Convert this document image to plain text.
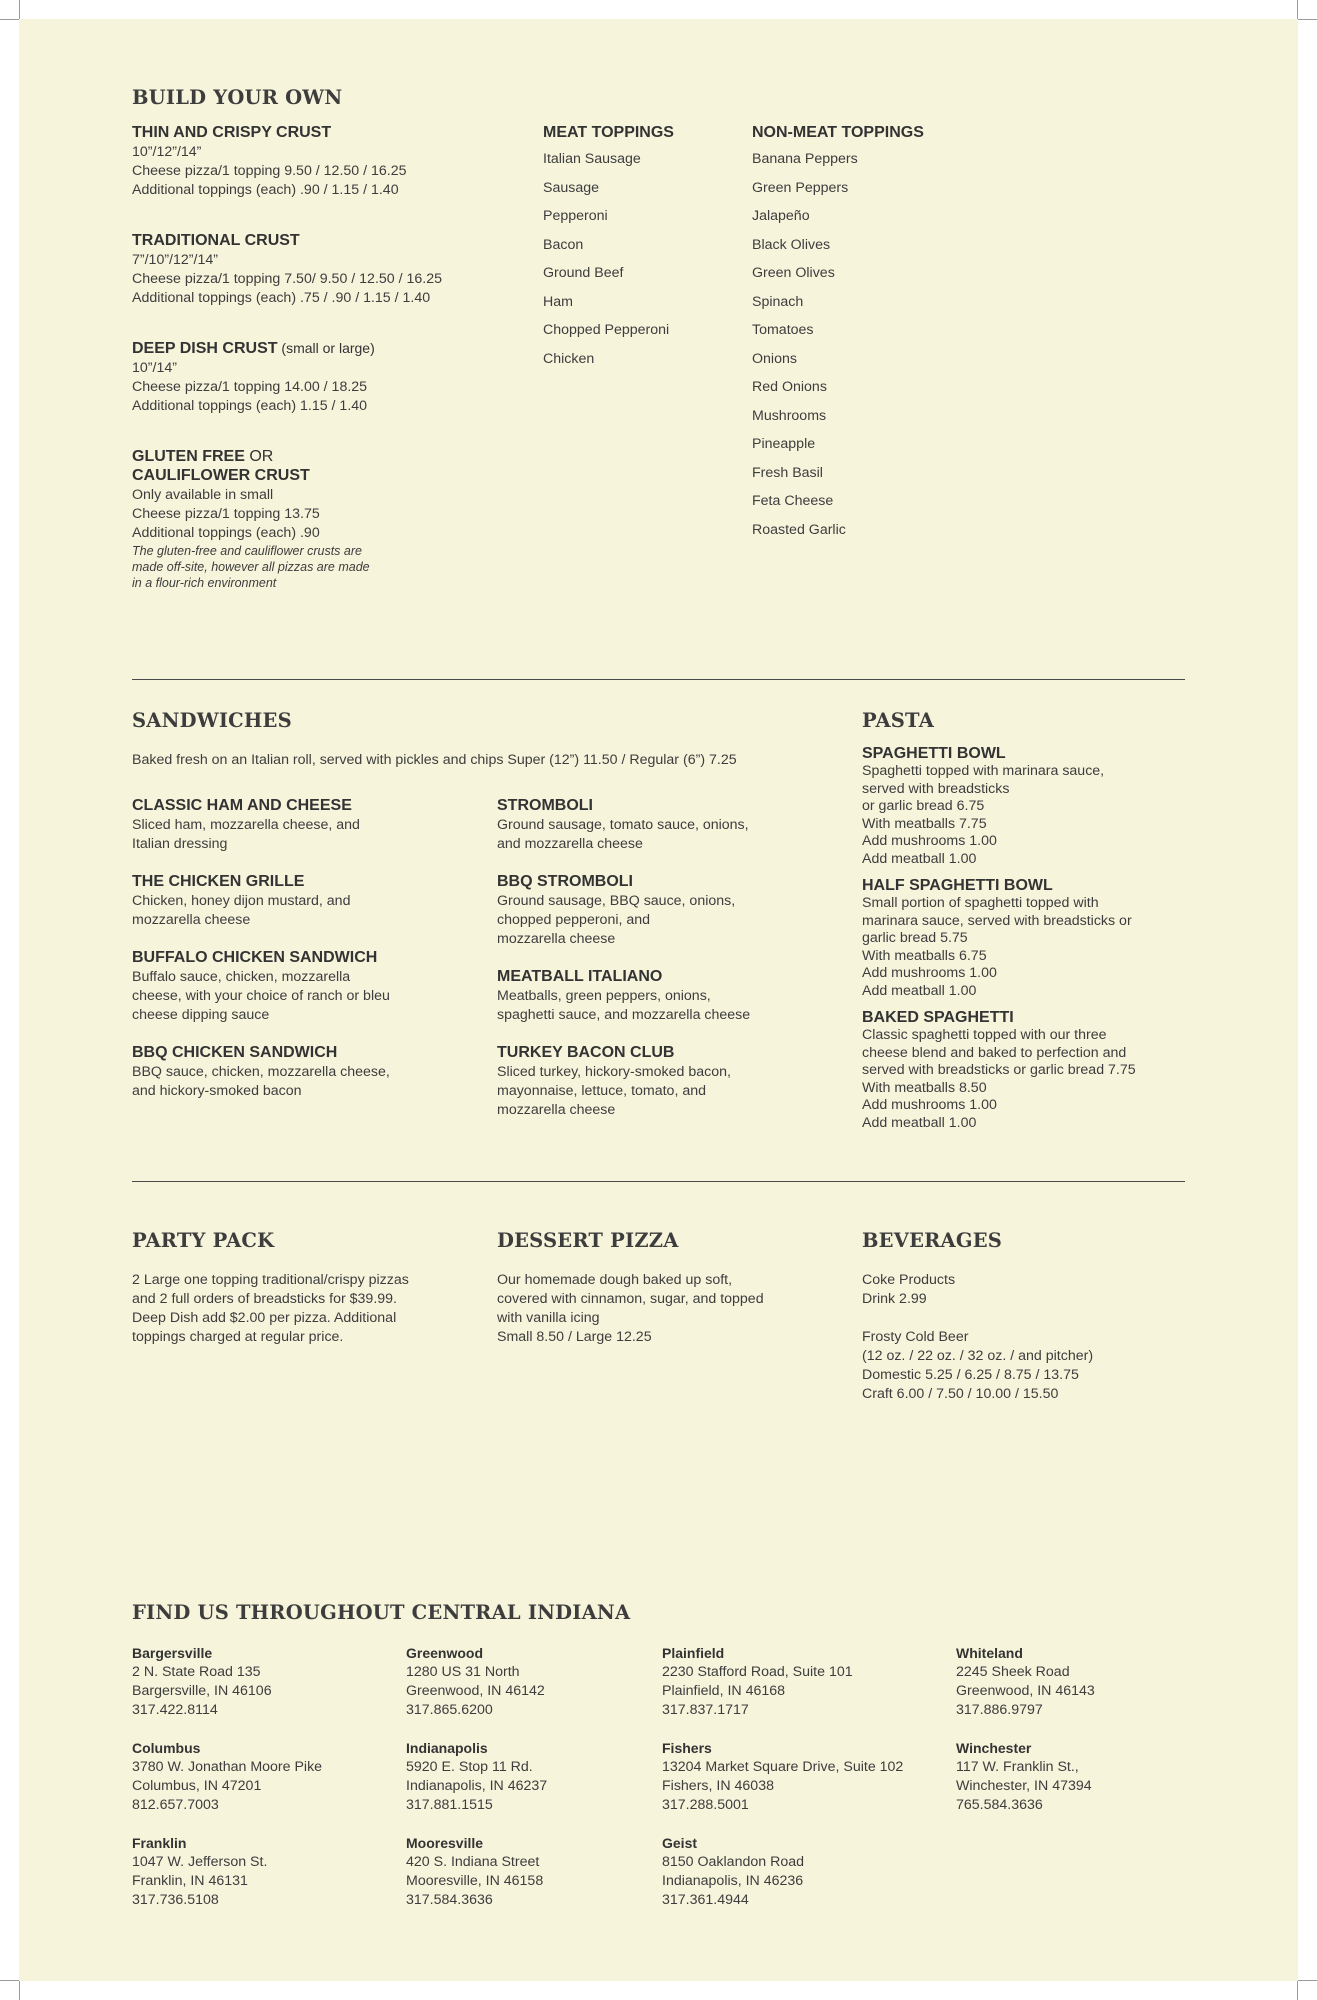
BUILD YOUR OWN
THIN AND CRISPY CRUST
10”/12”/14”
Cheese pizza/1 topping 9.50 / 12.50 / 16.25
Additional toppings (each) .90 / 1.15 / 1.40
TRADITIONAL CRUST
7”/10”/12”/14”
Cheese pizza/1 topping 7.50/ 9.50 / 12.50 / 16.25
Additional toppings (each) .75 / .90 / 1.15 / 1.40
DEEP DISH CRUST (small or large)
10”/14”
Cheese pizza/1 topping 14.00 / 18.25
Additional toppings (each) 1.15 / 1.40
GLUTEN FREE OR
CAULIFLOWER CRUST
Only available in small
Cheese pizza/1 topping 13.75
Additional toppings (each) .90
The gluten-free and cauliflower crusts are
made off-site, however all pizzas are made
in a flour-rich environment
MEAT TOPPINGS
Italian Sausage
Sausage
Pepperoni
Bacon
Ground Beef
Ham
Chopped Pepperoni
Chicken
NON-MEAT TOPPINGS
Banana Peppers
Green Peppers
Jalapeño
Black Olives
Green Olives
Spinach
Tomatoes
Onions
Red Onions
Mushrooms
Pineapple
Fresh Basil
Feta Cheese
Roasted Garlic
SANDWICHES
Baked fresh on an Italian roll, served with pickles and chips Super (12”) 11.50 / Regular (6”) 7.25
CLASSIC HAM AND CHEESE
Sliced ham, mozzarella cheese, and
Italian dressing
THE CHICKEN GRILLE
Chicken, honey dijon mustard, and
mozzarella cheese
BUFFALO CHICKEN SANDWICH
Buffalo sauce, chicken, mozzarella
cheese, with your choice of ranch or bleu
cheese dipping sauce
BBQ CHICKEN SANDWICH
BBQ sauce, chicken, mozzarella cheese,
and hickory-smoked bacon
STROMBOLI
Ground sausage, tomato sauce, onions,
and mozzarella cheese
BBQ STROMBOLI
Ground sausage, BBQ sauce, onions,
chopped pepperoni, and
mozzarella cheese
MEATBALL ITALIANO
Meatballs, green peppers, onions,
spaghetti sauce, and mozzarella cheese
TURKEY BACON CLUB
Sliced turkey, hickory-smoked bacon,
mayonnaise, lettuce, tomato, and
mozzarella cheese
PASTA
SPAGHETTI BOWL
Spaghetti topped with marinara sauce,
served with breadsticks
or garlic bread 6.75
With meatballs 7.75
Add mushrooms 1.00
Add meatball 1.00
HALF SPAGHETTI BOWL
Small portion of spaghetti topped with
marinara sauce, served with breadsticks or
garlic bread 5.75
With meatballs 6.75
Add mushrooms 1.00
Add meatball 1.00
BAKED SPAGHETTI
Classic spaghetti topped with our three
cheese blend and baked to perfection and
served with breadsticks or garlic bread 7.75
With meatballs 8.50
Add mushrooms 1.00
Add meatball 1.00
PARTY PACK
2 Large one topping traditional/crispy pizzas
and 2 full orders of breadsticks for $39.99.
Deep Dish add $2.00 per pizza. Additional
toppings charged at regular price.
DESSERT PIZZA
Our homemade dough baked up soft,
covered with cinnamon, sugar, and topped
with vanilla icing
Small 8.50 / Large 12.25
BEVERAGES
Coke Products
Drink 2.99
Frosty Cold Beer
(12 oz. / 22 oz. / 32 oz. / and pitcher)
Domestic 5.25 / 6.25 / 8.75 / 13.75
Craft 6.00 / 7.50 / 10.00 / 15.50
FIND US THROUGHOUT CENTRAL INDIANA
Bargersville
2 N. State Road 135
Bargersville, IN 46106
317.422.8114
Columbus
3780 W. Jonathan Moore Pike
Columbus, IN 47201
812.657.7003
Franklin
1047 W. Jefferson St.
Franklin, IN 46131
317.736.5108
Greenwood
1280 US 31 North
Greenwood, IN 46142
317.865.6200
Indianapolis
5920 E. Stop 11 Rd.
Indianapolis, IN 46237
317.881.1515
Mooresville
420 S. Indiana Street
Mooresville, IN 46158
317.584.3636
Plainfield
2230 Stafford Road, Suite 101
Plainfield, IN 46168
317.837.1717
Fishers
13204 Market Square Drive, Suite 102
Fishers, IN 46038
317.288.5001
Geist
8150 Oaklandon Road
Indianapolis, IN 46236
317.361.4944
Whiteland
2245 Sheek Road
Greenwood, IN 46143
317.886.9797
Winchester
117 W. Franklin St.,
Winchester, IN 47394
765.584.3636
